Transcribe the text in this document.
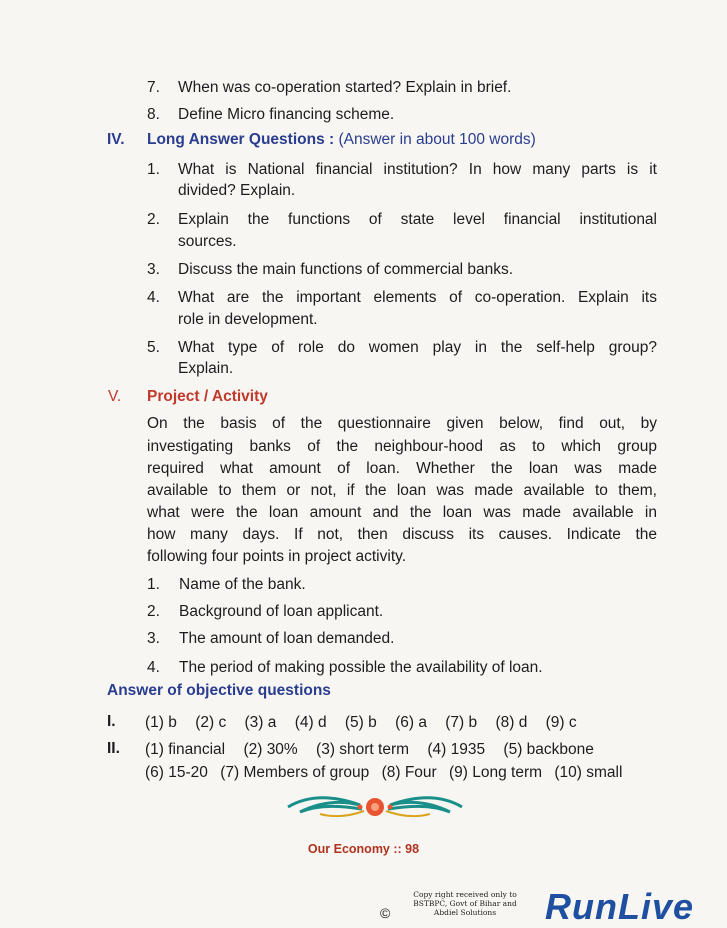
7. When was co-operation started? Explain in brief.
8. Define Micro financing scheme.
IV. Long Answer Questions : (Answer in about 100 words)
1. What is National financial institution? In how many parts is it
divided? Explain.
2. Explain the functions of state level financial institutional
sources.
3. Discuss the main functions of commercial banks.
4. What are the important elements of co-operation. Explain its
role in development.
5. What type of role do women play in the self-help group?
Explain.
V. Project / Activity
On the basis of the questionnaire given below, find out, by
investigating banks of the neighbour-hood as to which group
required what amount of loan. Whether the loan was made
available to them or not, if the loan was made available to them,
what were the loan amount and the loan was made available in
how many days. If not, then discuss its causes. Indicate the
following four points in project activity.
1. Name of the bank.
2. Background of loan applicant.
3. The amount of loan demanded.
4. The period of making possible the availability of loan.
Answer of objective questions
I. (1) b (2) c (3) a (4) d (5) b (6) a (7) b (8) d (9) c
II. (1) financial (2) 30% (3) short term (4) 1935 (5) backbone
(6) 15-20 (7) Members of group (8) Four (9) Long term (10) small
Our Economy :: 98
Copy right received only to
BSTBPC, Govt of Bihar and
Abdiel Solutions
©	RunLive
